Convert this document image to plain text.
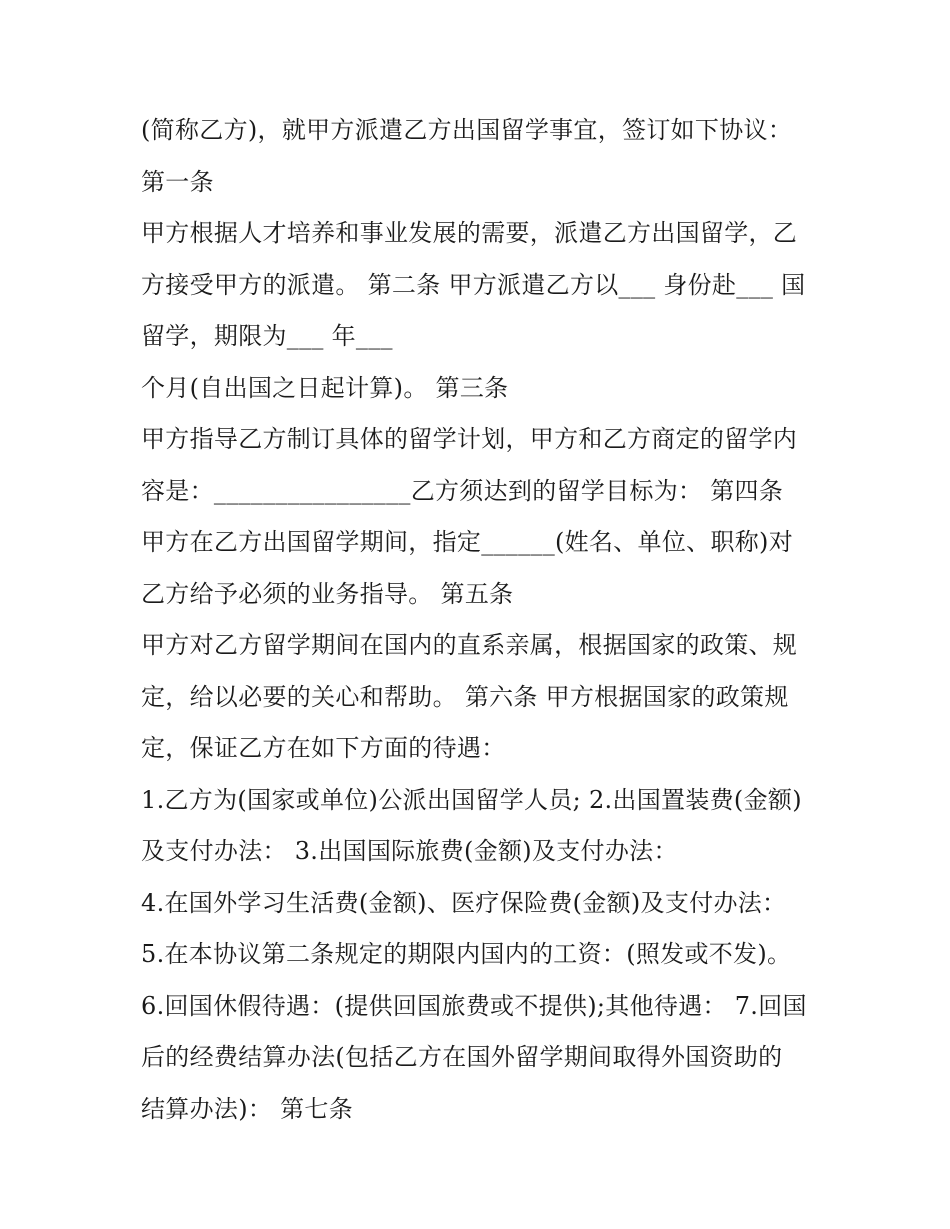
(简称乙方)，就甲方派遣乙方出国留学事宜，签订如下协议：
第一条
甲方根据人才培养和事业发展的需要，派遣乙方出国留学，乙
方接受甲方的派遣。 第二条 甲方派遣乙方以___ 身份赴___ 国
留学，期限为___ 年___
个月(自出国之日起计算)。 第三条
甲方指导乙方制订具体的留学计划，甲方和乙方商定的留学内
容是：________________乙方须达到的留学目标为： 第四条
甲方在乙方出国留学期间，指定______(姓名、单位、职称)对
乙方给予必须的业务指导。 第五条
甲方对乙方留学期间在国内的直系亲属，根据国家的政策、规
定，给以必要的关心和帮助。 第六条 甲方根据国家的政策规
定，保证乙方在如下方面的待遇：
1.乙方为(国家或单位)公派出国留学人员; 2.出国置装费(金额)
及支付办法： 3.出国国际旅费(金额)及支付办法：
4.在国外学习生活费(金额)、医疗保险费(金额)及支付办法：
5.在本协议第二条规定的期限内国内的工资：(照发或不发)。
6.回国休假待遇：(提供回国旅费或不提供);其他待遇： 7.回国
后的经费结算办法(包括乙方在国外留学期间取得外国资助的
结算办法)： 第七条
